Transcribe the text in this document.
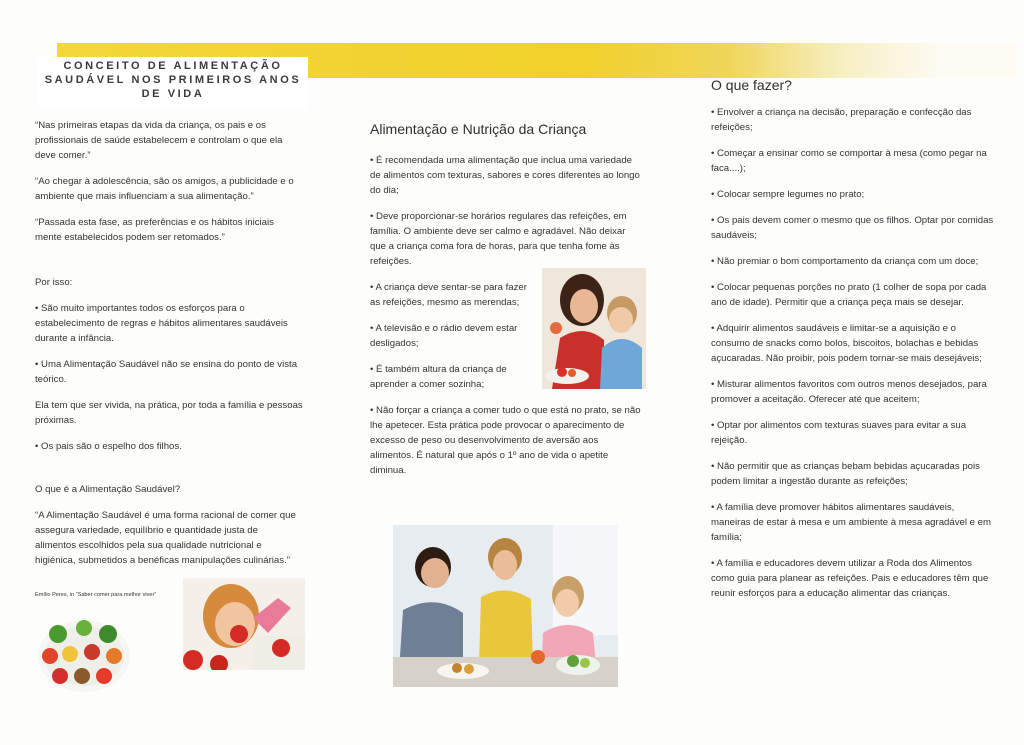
CONCEITO DE ALIMENTAÇÃO
SAUDÁVEL NOS PRIMEIROS ANOS
DE VIDA

“Nas primeiras etapas da vida da criança, os pais e os profissionais de saúde estabelecem e controlam o que ela deve comer.”

“Ao chegar à adolescência, são os amigos, a publicidade e o ambiente que mais influenciam a sua alimentação.”

“Passada esta fase, as preferências e os hábitos iniciais mente estabelecidos podem ser retomados.”

Por isso:

• São muito importantes todos os esforços para o estabelecimento de regras e hábitos alimentares saudáveis durante a infância.

• Uma Alimentação Saudável não se ensina do ponto de vista teórico.

Ela tem que ser vivida, na prática, por toda a família e pessoas próximas.

• Os pais são o espelho dos filhos.

O que é a Alimentação Saudável?

“A Alimentação Saudável é uma forma racional de comer que assegura variedade, equilíbrio e quantidade justa de alimentos escolhidos pela sua qualidade nutricional e higiénica, submetidos a benéficas manipulações culinárias.”

Emílio Peres, in “Saber comer para melhor viver”
Alimentação e Nutrição da Criança

• É recomendada uma alimentação que inclua uma variedade de alimentos com texturas, sabores e cores diferentes ao longo do dia;

• Deve proporcionar-se horários regulares das refeições, em família. O ambiente deve ser calmo e agradável. Não deixar que a criança coma fora de horas, para que tenha fome às refeições.

• A criança deve sentar-se para fazer as refeições, mesmo as merendas;

• A televisão e o rádio devem estar desligados;

• É também altura da criança de aprender a comer sozinha;

• Não forçar a criança a comer tudo o que está no prato, se não lhe apetecer. Esta prática pode provocar o aparecimento de excesso de peso ou desenvolvimento de aversão aos alimentos. É natural que após o 1º ano de vida o apetite diminua.

O que fazer?

• Envolver a criança na decisão, preparação e confecção das refeições;

• Começar a ensinar como se comportar à mesa (como pegar na faca....);

• Colocar sempre legumes no prato;

• Os pais devem comer o mesmo que os filhos. Optar por comidas saudáveis;

• Não premiar o bom comportamento da criança com um doce;

• Colocar pequenas porções no prato (1 colher de sopa por cada ano de idade). Permitir que a criança peça mais se desejar.

• Adquirir alimentos saudáveis e limitar-se a aquisição e o consumo de snacks como bolos, biscoitos, bolachas e bebidas açucaradas. Não proibir, pois podem tornar-se mais desejáveis;

• Misturar alimentos favoritos com outros menos desejados, para promover a aceitação. Oferecer até que aceitem;

• Optar por alimentos com texturas suaves para evitar a sua rejeição.

• Não permitir que as crianças bebam bebidas açucaradas pois podem limitar a ingestão durante as refeições;

• A família deve promover hábitos alimentares saudáveis, maneiras de estar à mesa e um ambiente à mesa agradável e em família;

• A família e educadores devem utilizar a Roda dos Alimentos como guia para planear as refeições. Pais e educadores têm que reunir esforços para a educação alimentar das crianças.
